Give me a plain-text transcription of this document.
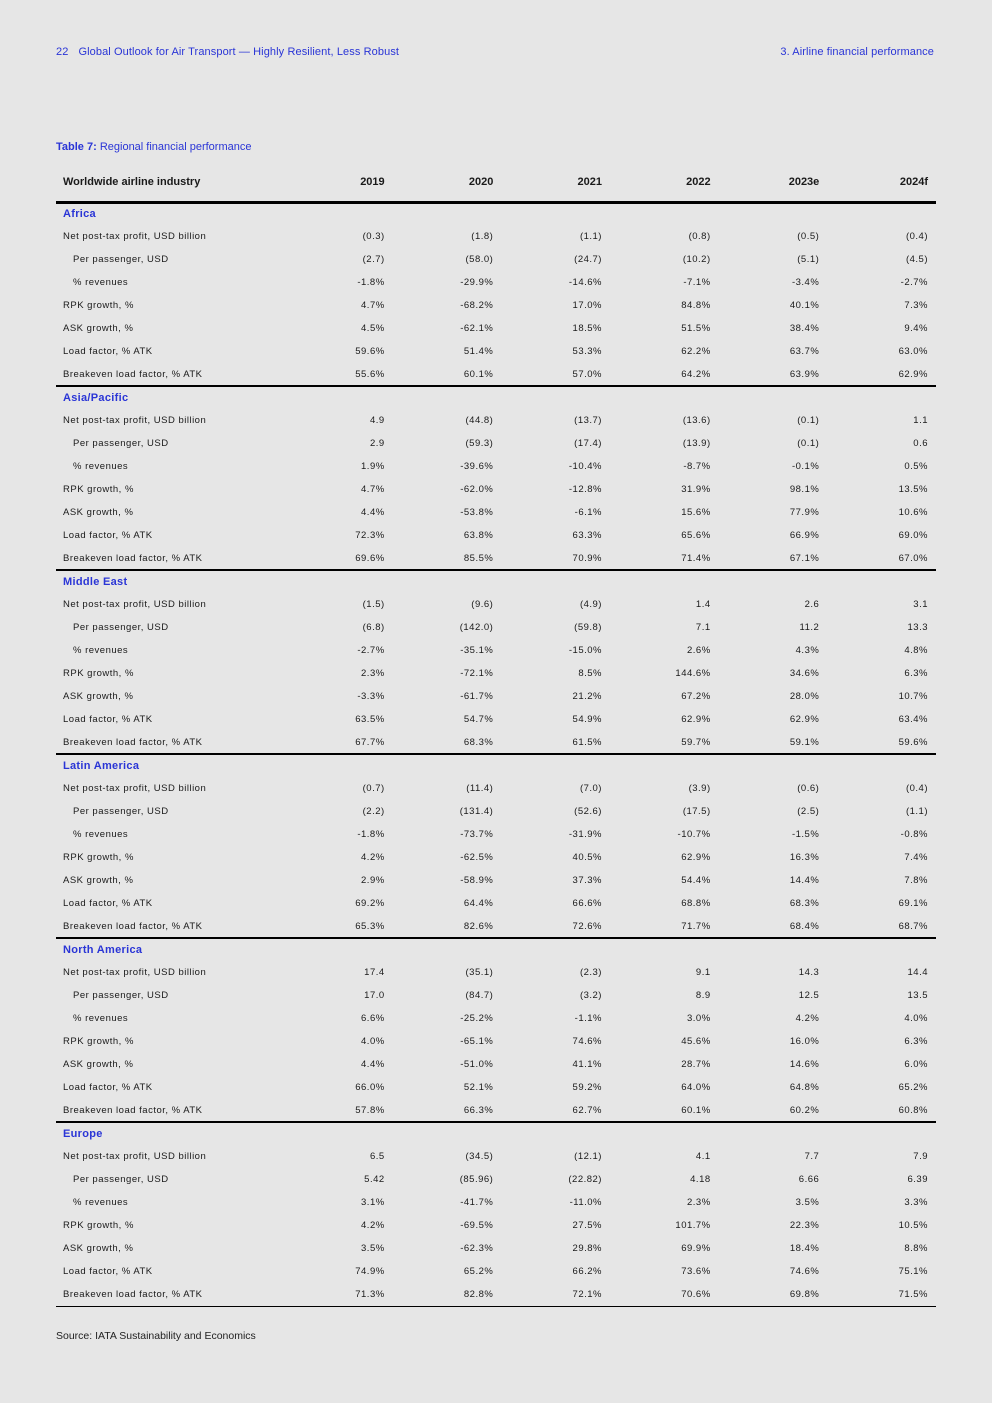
22 Global Outlook for Air Transport — Highly Resilient, Less Robust	3. Airline financial performance
Table 7: Regional financial performance
Worldwide airline industry	2019	2020	2021	2022	2023e	2024f
Africa						
Net post-tax profit, USD billion	(0.3)	(1.8)	(1.1)	(0.8)	(0.5)	(0.4)
Per passenger, USD	(2.7)	(58.0)	(24.7)	(10.2)	(5.1)	(4.5)
% revenues	-1.8%	-29.9%	-14.6%	-7.1%	-3.4%	-2.7%
RPK growth, %	4.7%	-68.2%	17.0%	84.8%	40.1%	7.3%
ASK growth, %	4.5%	-62.1%	18.5%	51.5%	38.4%	9.4%
Load factor, % ATK	59.6%	51.4%	53.3%	62.2%	63.7%	63.0%
Breakeven load factor, % ATK	55.6%	60.1%	57.0%	64.2%	63.9%	62.9%
Asia/Pacific						
Net post-tax profit, USD billion	4.9	(44.8)	(13.7)	(13.6)	(0.1)	1.1
Per passenger, USD	2.9	(59.3)	(17.4)	(13.9)	(0.1)	0.6
% revenues	1.9%	-39.6%	-10.4%	-8.7%	-0.1%	0.5%
RPK growth, %	4.7%	-62.0%	-12.8%	31.9%	98.1%	13.5%
ASK growth, %	4.4%	-53.8%	-6.1%	15.6%	77.9%	10.6%
Load factor, % ATK	72.3%	63.8%	63.3%	65.6%	66.9%	69.0%
Breakeven load factor, % ATK	69.6%	85.5%	70.9%	71.4%	67.1%	67.0%
Middle East						
Net post-tax profit, USD billion	(1.5)	(9.6)	(4.9)	1.4	2.6	3.1
Per passenger, USD	(6.8)	(142.0)	(59.8)	7.1	11.2	13.3
% revenues	-2.7%	-35.1%	-15.0%	2.6%	4.3%	4.8%
RPK growth, %	2.3%	-72.1%	8.5%	144.6%	34.6%	6.3%
ASK growth, %	-3.3%	-61.7%	21.2%	67.2%	28.0%	10.7%
Load factor, % ATK	63.5%	54.7%	54.9%	62.9%	62.9%	63.4%
Breakeven load factor, % ATK	67.7%	68.3%	61.5%	59.7%	59.1%	59.6%
Latin America						
Net post-tax profit, USD billion	(0.7)	(11.4)	(7.0)	(3.9)	(0.6)	(0.4)
Per passenger, USD	(2.2)	(131.4)	(52.6)	(17.5)	(2.5)	(1.1)
% revenues	-1.8%	-73.7%	-31.9%	-10.7%	-1.5%	-0.8%
RPK growth, %	4.2%	-62.5%	40.5%	62.9%	16.3%	7.4%
ASK growth, %	2.9%	-58.9%	37.3%	54.4%	14.4%	7.8%
Load factor, % ATK	69.2%	64.4%	66.6%	68.8%	68.3%	69.1%
Breakeven load factor, % ATK	65.3%	82.6%	72.6%	71.7%	68.4%	68.7%
North America						
Net post-tax profit, USD billion	17.4	(35.1)	(2.3)	9.1	14.3	14.4
Per passenger, USD	17.0	(84.7)	(3.2)	8.9	12.5	13.5
% revenues	6.6%	-25.2%	-1.1%	3.0%	4.2%	4.0%
RPK growth, %	4.0%	-65.1%	74.6%	45.6%	16.0%	6.3%
ASK growth, %	4.4%	-51.0%	41.1%	28.7%	14.6%	6.0%
Load factor, % ATK	66.0%	52.1%	59.2%	64.0%	64.8%	65.2%
Breakeven load factor, % ATK	57.8%	66.3%	62.7%	60.1%	60.2%	60.8%
Europe						
Net post-tax profit, USD billion	6.5	(34.5)	(12.1)	4.1	7.7	7.9
Per passenger, USD	5.42	(85.96)	(22.82)	4.18	6.66	6.39
% revenues	3.1%	-41.7%	-11.0%	2.3%	3.5%	3.3%
RPK growth, %	4.2%	-69.5%	27.5%	101.7%	22.3%	10.5%
ASK growth, %	3.5%	-62.3%	29.8%	69.9%	18.4%	8.8%
Load factor, % ATK	74.9%	65.2%	66.2%	73.6%	74.6%	75.1%
Breakeven load factor, % ATK	71.3%	82.8%	72.1%	70.6%	69.8%	71.5%
Source: IATA Sustainability and Economics
